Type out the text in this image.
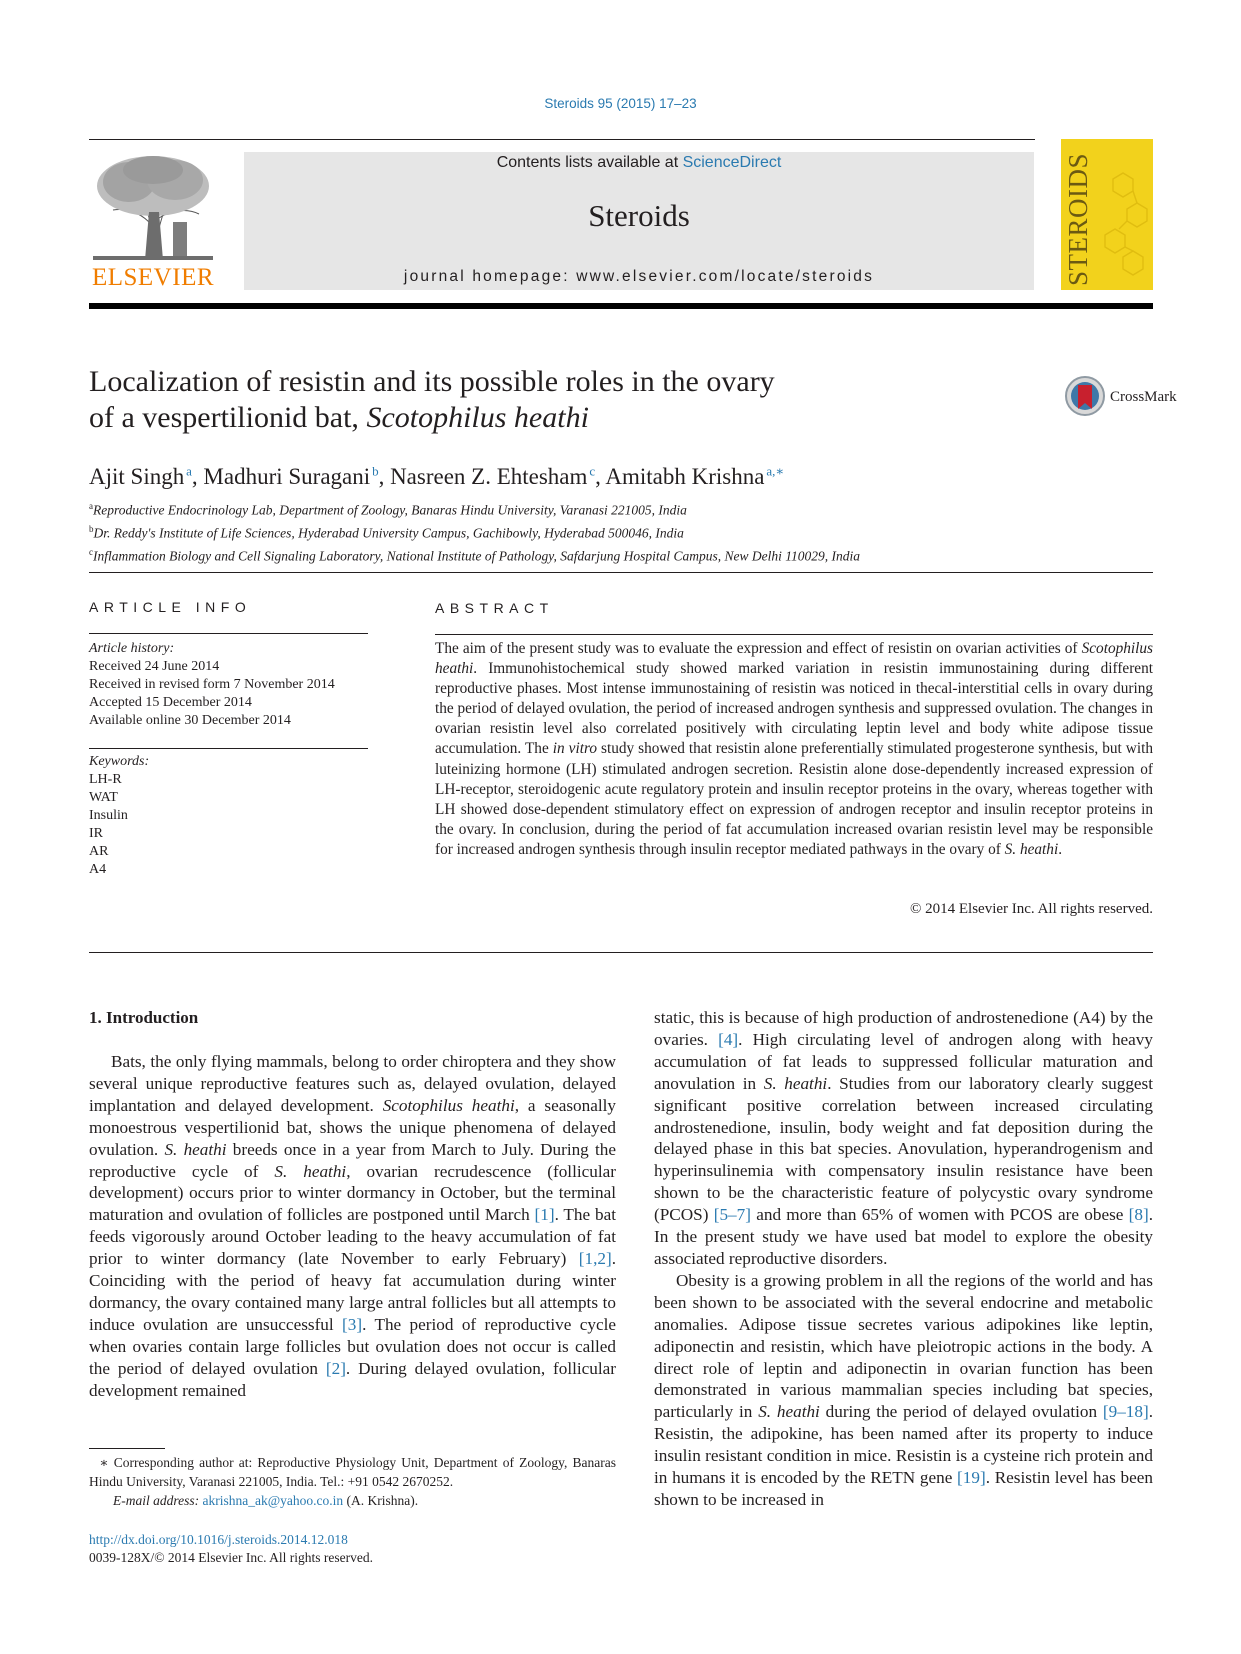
Steroids 95 (2015) 17–23
ELSEVIER
Contents lists available at ScienceDirect
Steroids
journal homepage: www.elsevier.com/locate/steroids	STEROIDS
Localization of resistin and its possible roles in the ovary
of a vespertilionid bat, Scotophilus heathi
CrossMark
Ajit Singh  $^a$, Madhuri Suragani  $^b$, Nasreen Z. Ehtesham  $^c$, Amitabh Krishna  $^{a,∗}$
$^a$Reproductive Endocrinology Lab, Department of Zoology, Banaras Hindu University, Varanasi 221005, India
$^b$Dr. Reddy's Institute of Life Sciences, Hyderabad University Campus, Gachibowly, Hyderabad 500046, India
$^c$Inflammation Biology and Cell Signaling Laboratory, National Institute of Pathology, Safdarjung Hospital Campus, New Delhi 110029, India
ARTICLE INFO	ABSTRACT
Article history:
Received 24 June 2014
Received in revised form 7 November 2014
Accepted 15 December 2014
Available online 30 December 2014
Keywords:
LH-R
WAT
Insulin
IR
AR
A4

The aim of the present study was to evaluate the expression and effect of resistin on ovarian activities of Scotophilus heathi. Immunohistochemical study showed marked variation in resistin immunostaining during different reproductive phases. Most intense immunostaining of resistin was noticed in thecal-interstitial cells in ovary during the period of delayed ovulation, the period of increased androgen synthesis and suppressed ovulation. The changes in ovarian resistin level also correlated positively with circulating leptin level and body white adipose tissue accumulation. The in vitro study showed that resistin alone preferentially stimulated progesterone synthesis, but with luteinizing hormone (LH) stimulated androgen secretion. Resistin alone dose-dependently increased expression of LH-receptor, steroidogenic acute regulatory protein and insulin receptor proteins in the ovary, whereas together with LH showed dose-dependent stimulatory effect on expression of androgen receptor and insulin receptor proteins in the ovary. In conclusion, during the period of fat accumulation increased ovarian resistin level may be responsible for increased androgen synthesis through insulin receptor mediated pathways in the ovary of S. heathi.

© 2014 Elsevier Inc. All rights reserved.
1. Introduction

Bats, the only flying mammals, belong to order chiroptera and they show several unique reproductive features such as, delayed ovulation, delayed implantation and delayed development. Scotophilus heathi, a seasonally monoestrous vespertilionid bat, shows the unique phenomena of delayed ovulation. S. heathi breeds once in a year from March to July. During the reproductive cycle of S. heathi, ovarian recrudescence (follicular development) occurs prior to winter dormancy in October, but the terminal maturation and ovulation of follicles are postponed until March [1]. The bat feeds vigorously around October leading to the heavy accumulation of fat prior to winter dormancy (late November to early February) [1,2]. Coinciding with the period of heavy fat accumulation during winter dormancy, the ovary contained many large antral follicles but all attempts to induce ovulation are unsuccessful [3]. The period of reproductive cycle when ovaries contain large follicles but ovulation does not occur is called the period of delayed ovulation [2]. During delayed ovulation, follicular development remained

static, this is because of high production of androstenedione (A4) by the ovaries. [4]. High circulating level of androgen along with heavy accumulation of fat leads to suppressed follicular maturation and anovulation in S. heathi. Studies from our laboratory clearly suggest significant positive correlation between increased circulating androstenedione, insulin, body weight and fat deposition during the delayed phase in this bat species. Anovulation, hyperandrogenism and hyperinsulinemia with compensatory insulin resistance have been shown to be the characteristic feature of polycystic ovary syndrome (PCOS) [5–7] and more than 65% of women with PCOS are obese [8]. In the present study we have used bat model to explore the obesity associated reproductive disorders.

Obesity is a growing problem in all the regions of the world and has been shown to be associated with the several endocrine and metabolic anomalies. Adipose tissue secretes various adipokines like leptin, adiponectin and resistin, which have pleiotropic actions in the body. A direct role of leptin and adiponectin in ovarian function has been demonstrated in various mammalian species including bat species, particularly in S. heathi during the period of delayed ovulation [9–18]. Resistin, the adipokine, has been named after its property to induce insulin resistant condition in mice. Resistin is a cysteine rich protein and in humans it is encoded by the RETN gene [19]. Resistin level has been shown to be increased in

∗ Corresponding author at: Reproductive Physiology Unit, Department of Zoology, Banaras Hindu University, Varanasi 221005, India. Tel.: +91 0542 2670252.

E-mail address: akrishna_ak@yahoo.co.in (A. Krishna).

http://dx.doi.org/10.1016/j.steroids.2014.12.018
0039-128X/© 2014 Elsevier Inc. All rights reserved.
